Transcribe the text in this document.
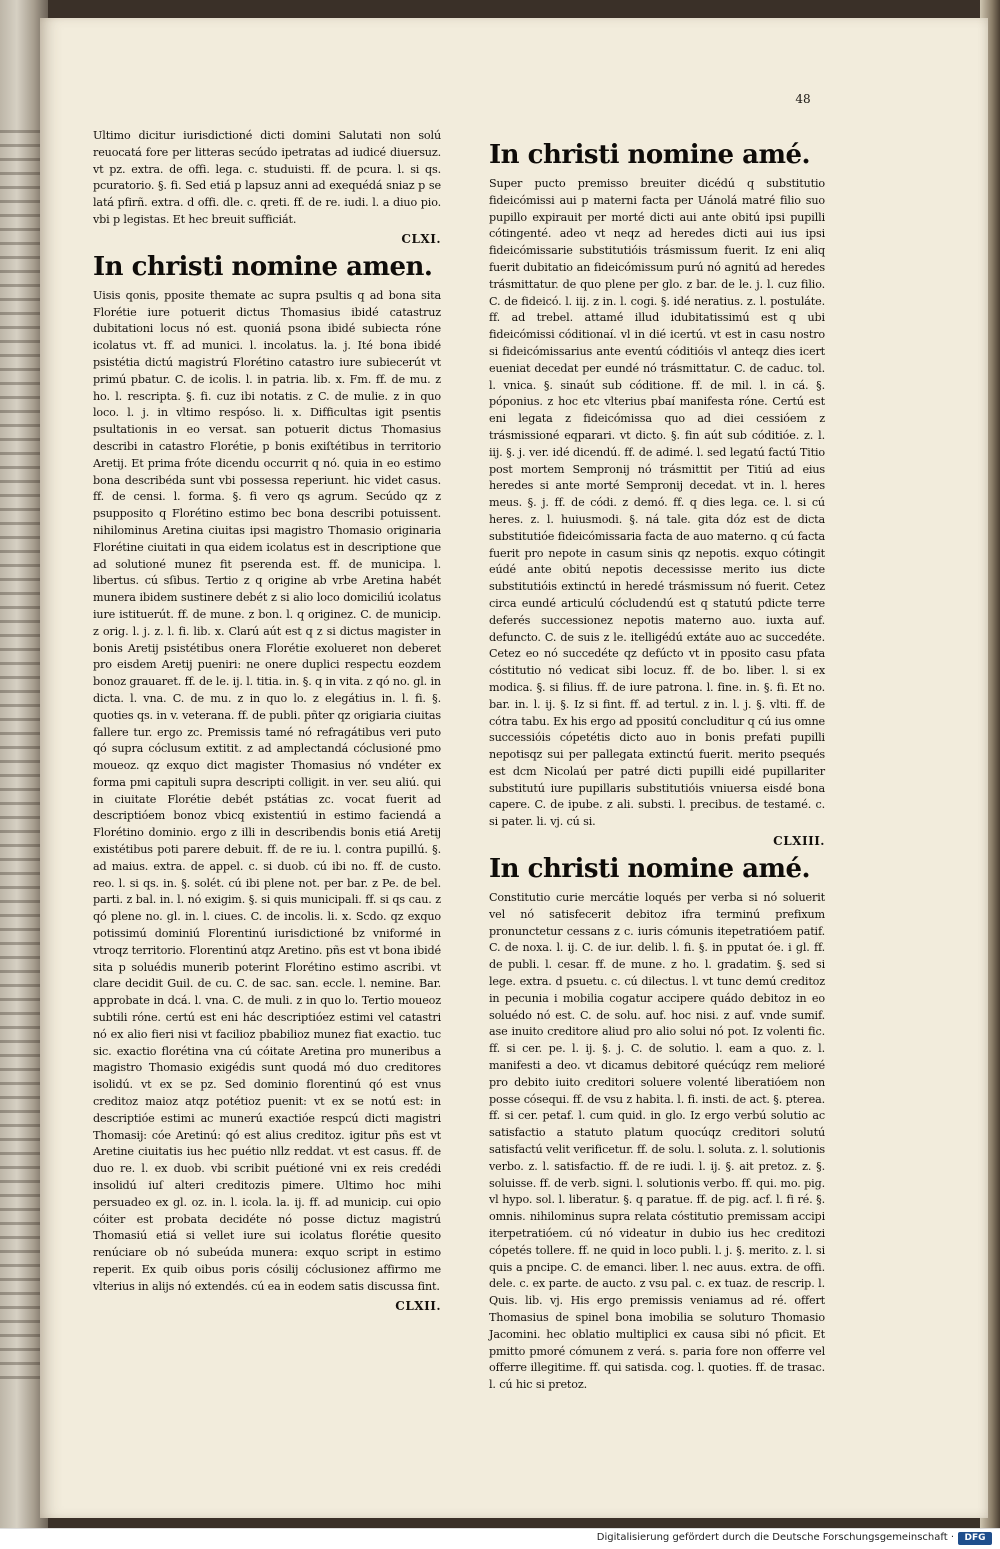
48

Ultimo dicitur iurisdictioné dicti domini Salutati non solú reuocatá fore per litteras secúdo ipetratas ad iudicé diuersuz. vt pz. extra. de offi. lega. c. studuisti. ff. de pcura. l. si qs. pcuratorio. §. fi. Sed etiá p lapsuz anni ad exequédá sniaz p se latá pfirñ. extra. d offi. dle. c. qreti. ff. de re. iudi. l. a diuo pio. vbi p legistas. Et hec breuit sufficiát.

CLXI.
In christi nomine amen.

Uisis qonis, pposite themate ac supra psultis q ad bona sita Florétie iure potuerit dictus Thomasius ibidé catastruz dubitationi locus nó est. quoniá psona ibidé subiecta róne icolatus vt. ff. ad munici. l. incolatus. la. j. Ité bona ibidé psistétia dictú magistrú Florétino catastro iure subiecerút vt primú pbatur. C. de icolis. l. in patria. lib. x. Fm. ff. de mu. z ho. l. rescripta. §. fi. cuz ibi notatis. z C. de mulie. z in quo loco. l. j. in vltimo respóso. li. x. Difficultas igit psentis psultationis in eo versat. san potuerit dictus Thomasius describi in catastro Florétie, p bonis exiſtétibus in territorio Aretij. Et prima fróte dicendu occurrit q nó. quia in eo estimo bona describéda sunt vbi possessa reperiunt. hic videt casus. ff. de censi. l. forma. §. fi vero qs agrum. Secúdo qz z psupposito q Florétino estimo bec bona describi potuissent. nihilominus Aretina ciuitas ipsi magistro Thomasio originaria Florétine ciuitati in qua eidem icolatus est in descriptione que ad solutioné munez fit pserenda est. ff. de municipa. l. libertus. cú sſibus. Tertio z q origine ab vrbe Aretina habét munera ibidem sustinere debét z si alio loco domiciliú icolatus iure istituerút. ff. de mune. z bon. l. q originez. C. de municip. z orig. l. j. z. l. fi. lib. x. Clarú aút est q z si dictus magister in bonis Aretij psistétibus onera Florétie exolueret non deberet pro eisdem Aretij pueniri: ne onere duplici respectu eozdem bonoz grauaret. ff. de le. ij. l. titia. in. §. q in vita. z qó no. gl. in dicta. l. vna. C. de mu. z in quo lo. z elegátius in. l. fi. §. quoties qs. in v. veterana. ff. de publi. pñter qz origiaria ciuitas fallere tur. ergo zc. Premissis tamé nó refragátibus veri puto qó supra cóclusum extitit. z ad amplectandá cóclusioné pmo moueoz. qz exquo dict magister Thomasius nó vndéter ex forma pmi capituli supra descripti colligit. in ver. seu aliú. qui in ciuitate Florétie debét pstátias zc. vocat fuerit ad descriptióem bonoz vbicq existentiú in estimo faciendá a Florétino dominio. ergo z illi in describendis bonis etiá Aretij existétibus poti parere debuit. ff. de re iu. l. contra pupillú. §. ad maius. extra. de appel. c. si duob. cú ibi no. ff. de custo. reo. l. si qs. in. §. solét. cú ibi plene not. per bar. z Pe. de bel. parti. z bal. in. l. nó exigim. §. si quis municipali. ff. si qs cau. z qó plene no. gl. in. l. ciues. C. de incolis. li. x. Scdo. qz exquo potissimú dominiú Florentinú iurisdictioné bz vniformé in vtroqz territorio. Florentinú atqz Aretino. pñs est vt bona ibidé sita p soluédis munerib poterint Florétino estimo ascribi. vt clare decidit Guil. de cu. C. de sac. san. eccle. l. nemine. Bar. approbate in dcá. l. vna. C. de muli. z in quo lo. Tertio moueoz subtili róne. certú est eni hác descriptióez estimi vel catastri nó ex alio fieri nisi vt facilioz pbabilioz munez fiat exactio. tuc sic. exactio florétina vna cú cóitate Aretina pro muneribus a magistro Thomasio exigédis sunt quodá mó duo creditores isolidú. vt ex se pz. Sed dominio florentinú qó est vnus creditoz maioz atqz potétioz puenit: vt ex se notú est: in descriptióe estimi ac munerú exactióe respcú dicti magistri Thomasij: cóe Aretinú: qó est alius creditoz. igitur pñs est vt Aretine ciuitatis ius hec puétio nllz reddat. vt est casus. ff. de duo re. l. ex duob. vbi scribit puétioné vni ex reis credédi insolidú iuſ alteri creditozis pimere. Ultimo hoc mihi persuadeo ex gl. oz. in. l. icola. la. ij. ff. ad municip. cui opio cóiter est probata decidéte nó posse dictuz magistrú Thomasiú etiá si vellet iure sui icolatus florétie quesito renúciare ob nó subeúda munera: exquo script in estimo reperit. Ex quib oibus poris cósilij cóclusionez affirmo me vlterius in alijs nó extendés. cú ea in eodem satis discussa fint.

CLXII.
In christi nomine amé.

Super pucto premisso breuiter dicédú q substitutio fideicómissi aui p materni facta per Uánolá matré filio suo pupillo expirauit per morté dicti aui ante obitú ipsi pupilli cótingenté. adeo vt neqz ad heredes dicti aui ius ipsi fideicómissarie substitutióis trásmissum fuerit. Iz eni aliq fuerit dubitatio an fideicómissum purú nó agnitú ad heredes trásmittatur. de quo plene per glo. z bar. de le. j. l. cuz filio. C. de fideicó. l. iij. z in. l. cogi. §. idé neratius. z. l. postuláte. ff. ad trebel. attamé illud idubitatissimú est q ubi fideicómissi códitionaí. vl in dié icertú. vt est in casu nostro si fideicómissarius ante eventú códitióis vl anteqz dies icert eueniat decedat per eundé nó trásmittatur. C. de caduc. tol. l. vnica. §. sinaút sub códitione. ff. de mil. l. in cá. §. póponius. z hoc etc vlterius pbaí manifesta róne. Certú est eni legata z fideicómissa quo ad diei cessióem z trásmissioné eqparari. vt dicto. §. fin aút sub códitióe. z. l. iij. §. j. ver. idé dicendú. ff. de adimé. l. sed legatú factú Titio post mortem Sempronij nó trásmittit per Titiú ad eius heredes si ante morté Sempronij decedat. vt in. l. heres meus. §. j. ff. de códi. z demó. ff. q dies lega. ce. l. si cú heres. z. l. huiusmodi. §. ná tale. gita dóz est de dicta substitutióe fideicómissaria facta de auo materno. q cú facta fuerit pro nepote in casum sinis qz nepotis. exquo cótingit eúdé ante obitú nepotis decessisse merito ius dicte substitutióis extinctú in heredé trásmissum nó fuerit. Cetez circa eundé articulú cócludendú est q statutú pdicte terre deferés successionez nepotis materno auo. iuxta auf. defuncto. C. de suis z le. itelligédú extáte auo ac succedéte. Cetez eo nó succedéte qz defúcto vt in pposito casu pfata cóstitutio nó vedicat sibi locuz. ff. de bo. liber. l. si ex modica. §. si filius. ff. de iure patrona. l. fine. in. §. fi. Et no. bar. in. l. ij. §. Iz si fint. ff. ad tertul. z in. l. j. §. vlti. ff. de cótra tabu. Ex his ergo ad ppositú concluditur q cú ius omne successióis cópetétis dicto auo in bonis prefati pupilli nepotisqz sui per pallegata extinctú fuerit. merito psequés est dcm Nicolaú per patré dicti pupilli eidé pupillariter substitutú iure pupillaris substitutióis vniuersa eisdé bona capere. C. de ipube. z ali. substi. l. precibus. de testamé. c. si pater. li. vj. cú si.

CLXIII.
In christi nomine amé.

Constitutio curie mercátie loqués per verba si nó soluerit vel nó satisfecerit debitoz ifra terminú prefixum pronunctetur cessans z c. iuris cómunis itepetratióem patif. C. de noxa. l. ij. C. de iur. delib. l. fi. §. in pputat óe. i gl. ff. de publi. l. cesar. ff. de mune. z ho. l. gradatim. §. sed si lege. extra. d psuetu. c. cú dilectus. l. vt tunc demú creditoz in pecunia i mobilia cogatur accipere quádo debitoz in eo soluédo nó est. C. de solu. auf. hoc nisi. z auf. vnde sumif. ase inuito creditore aliud pro alio solui nó pot. Iz volenti fic. ff. si cer. pe. l. ij. §. j. C. de solutio. l. eam a quo. z. l. manifesti a deo. vt dicamus debitoré quécúqz rem melioré pro debito iuito creditori soluere volenté liberatióem non posse cósequi. ff. de vsu z habita. l. fi. insti. de act. §. pterea. ff. si cer. petaf. l. cum quid. in glo. Iz ergo verbú solutio ac satisfactio a statuto platum quocúqz creditori solutú satisfactú velit verificetur. ff. de solu. l. soluta. z. l. solutionis verbo. z. l. satisfactio. ff. de re iudi. l. ij. §. ait pretoz. z. §. soluisse. ff. de verb. signi. l. solutionis verbo. ff. qui. mo. pig. vl hypo. sol. l. liberatur. §. q paratue. ff. de pig. acf. l. fi ré. §. omnis. nihilominus supra relata cóstitutio premissam accipi iterpetratióem. cú nó videatur in dubio ius hec creditozi cópetés tollere. ff. ne quid in loco publi. l. j. §. merito. z. l. si quis a pncipe. C. de emanci. liber. l. nec auus. extra. de offi. dele. c. ex parte. de aucto. z vsu pal. c. ex tuaz. de rescrip. l. Quis. lib. vj. His ergo premissis veniamus ad ré. offert Thomasius de spinel bona imobilia se soluturo Thomasio Jacomini. hec oblatio multiplici ex causa sibi nó pficit. Et pmitto pmoré cómunem z verá. s. paria fore non offerre vel offerre illegitime. ff. qui satisda. cog. l. quoties. ff. de trasac. l. cú hic si pretoz.

Digitalisierung gefördert durch die Deutsche Forschungsgemeinschaft ·	DFG
